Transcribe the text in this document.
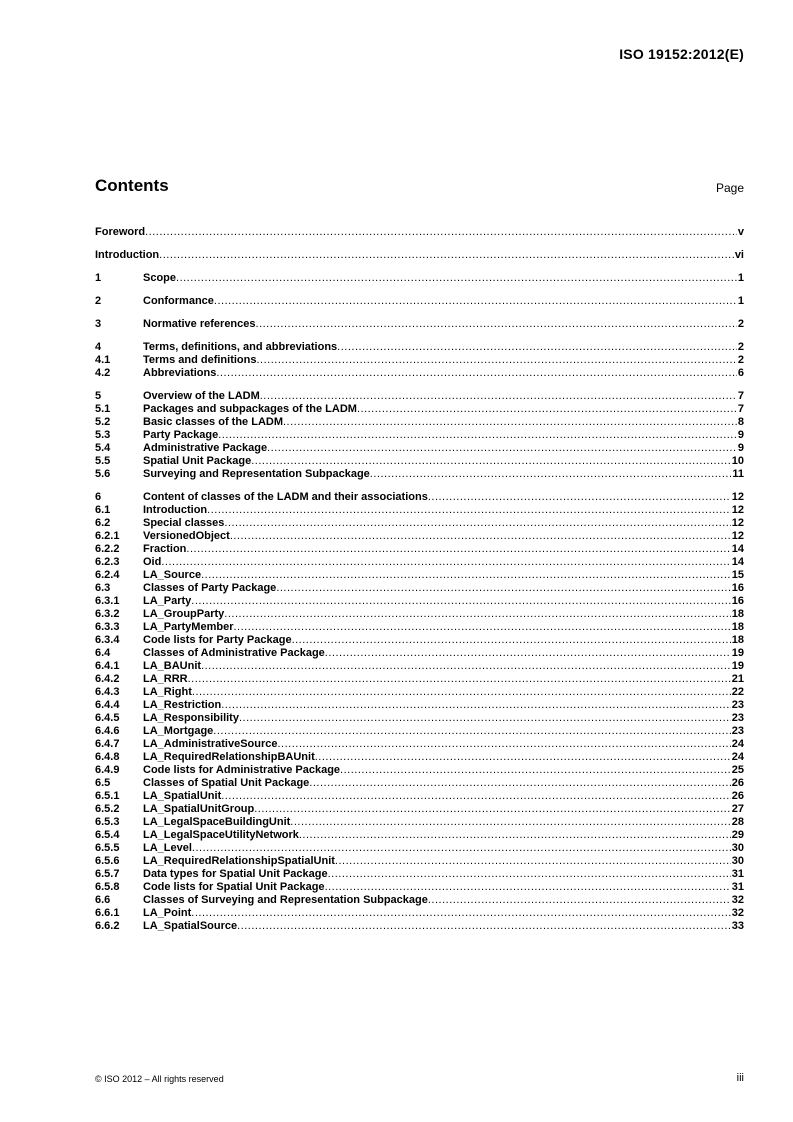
ISO 19152:2012(E)
Contents	Page
Foreword .....	v
Introduction .....	vi
1	Scope .....	1
2	Conformance .....	1
3	Normative references .....	2
4	Terms, definitions, and abbreviations .....	2
4.1	Terms and definitions .....	2
4.2	Abbreviations .....	6
5	Overview of the LADM .....	7
5.1	Packages and subpackages of the LADM .....	7
5.2	Basic classes of the LADM .....	8
5.3	Party Package .....	9
5.4	Administrative Package .....	9
5.5	Spatial Unit Package .....	10
5.6	Surveying and Representation Subpackage .....	11
6	Content of classes of the LADM and their associations .....	12
6.1	Introduction .....	12
6.2	Special classes .....	12
6.2.1	VersionedObject .....	12
6.2.2	Fraction .....	14
6.2.3	Oid .....	14
6.2.4	LA_Source .....	15
6.3	Classes of Party Package .....	16
6.3.1	LA_Party .....	16
6.3.2	LA_GroupParty .....	18
6.3.3	LA_PartyMember .....	18
6.3.4	Code lists for Party Package .....	18
6.4	Classes of Administrative Package .....	19
6.4.1	LA_BAUnit .....	19
6.4.2	LA_RRR .....	21
6.4.3	LA_Right .....	22
6.4.4	LA_Restriction .....	23
6.4.5	LA_Responsibility .....	23
6.4.6	LA_Mortgage .....	23
6.4.7	LA_AdministrativeSource .....	24
6.4.8	LA_RequiredRelationshipBAUnit .....	24
6.4.9	Code lists for Administrative Package .....	25
6.5	Classes of Spatial Unit Package .....	26
6.5.1	LA_SpatialUnit .....	26
6.5.2	LA_SpatialUnitGroup .....	27
6.5.3	LA_LegalSpaceBuildingUnit .....	28
6.5.4	LA_LegalSpaceUtilityNetwork .....	29
6.5.5	LA_Level .....	30
6.5.6	LA_RequiredRelationshipSpatialUnit .....	30
6.5.7	Data types for Spatial Unit Package .....	31
6.5.8	Code lists for Spatial Unit Package .....	31
6.6	Classes of Surveying and Representation Subpackage .....	32
6.6.1	LA_Point .....	32
6.6.2	LA_SpatialSource .....	33
© ISO 2012 – All rights reserved	iii
